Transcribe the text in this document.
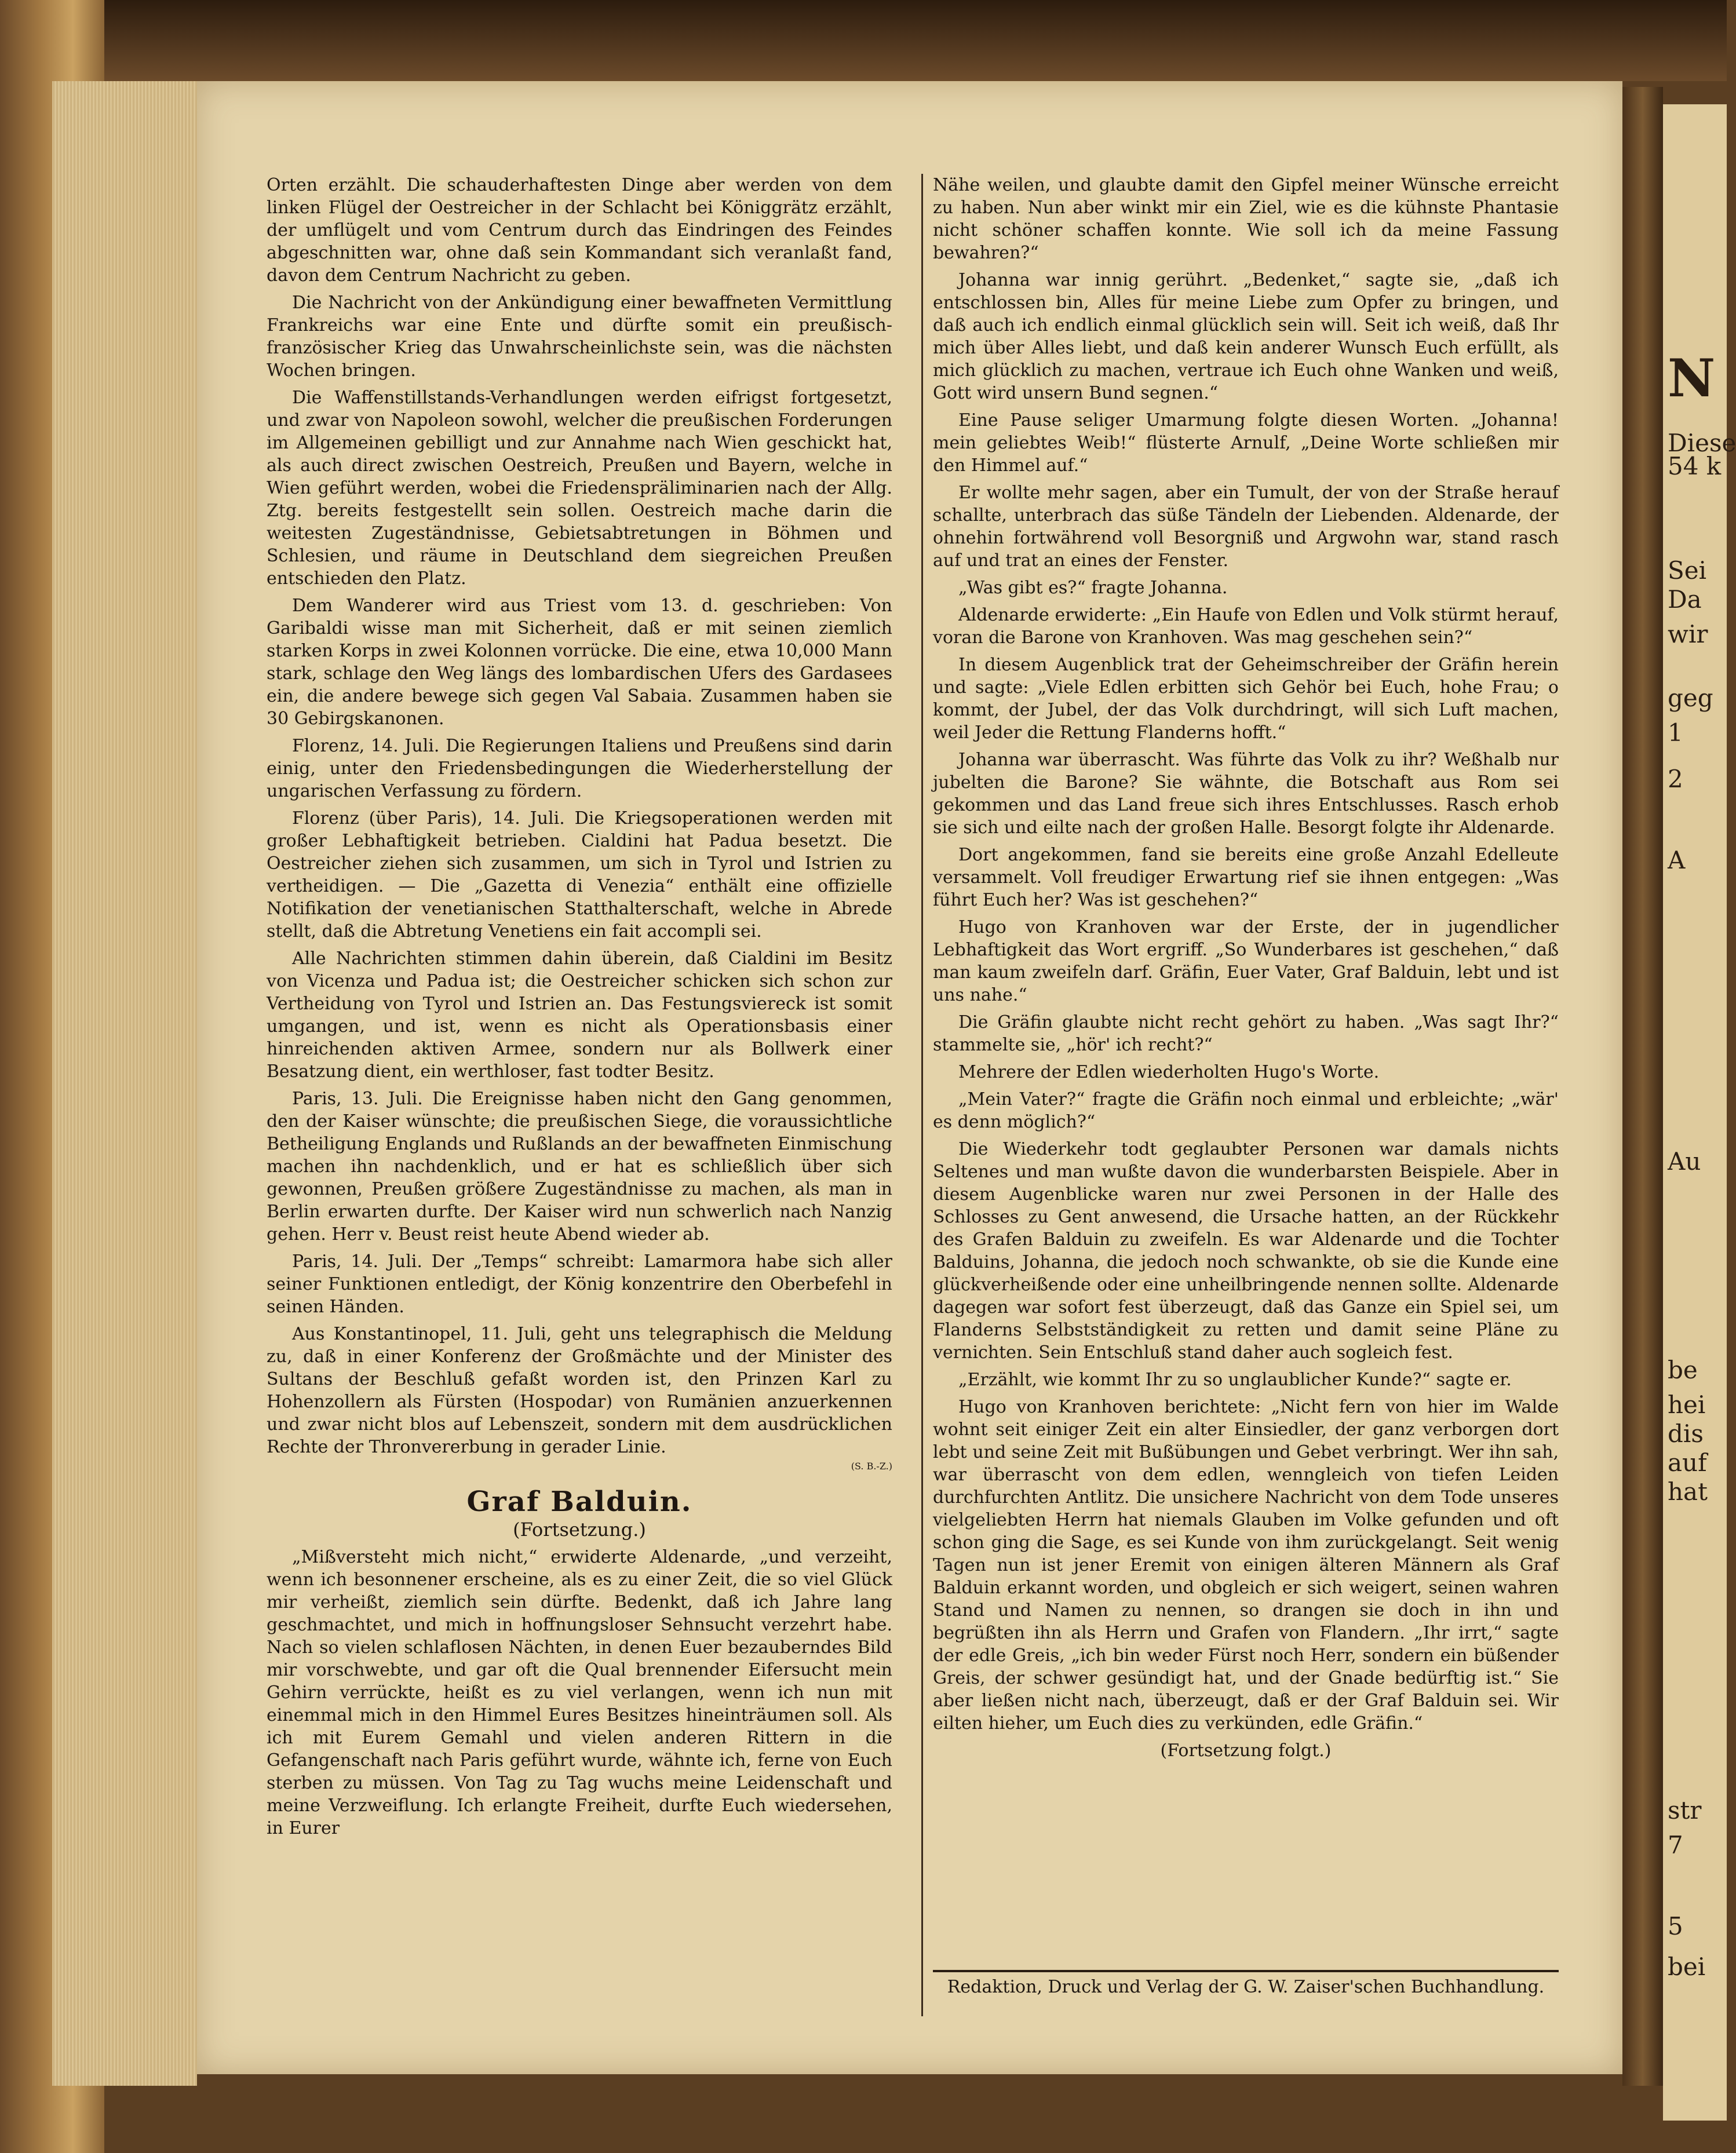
Orten erzählt. Die schauderhaftesten Dinge aber werden von dem linken Flügel der Oestreicher in der Schlacht bei Königgrätz erzählt, der umflügelt und vom Centrum durch das Eindringen des Feindes abgeschnitten war, ohne daß sein Kommandant sich veranlaßt fand, davon dem Centrum Nachricht zu geben.

Die Nachricht von der Ankündigung einer bewaffneten Vermittlung Frankreichs war eine Ente und dürfte somit ein preußisch-französischer Krieg das Unwahrscheinlichste sein, was die nächsten Wochen bringen.

Die Waffenstillstands-Verhandlungen werden eifrigst fortgesetzt, und zwar von Napoleon sowohl, welcher die preußischen Forderungen im Allgemeinen gebilligt und zur Annahme nach Wien geschickt hat, als auch direct zwischen Oestreich, Preußen und Bayern, welche in Wien geführt werden, wobei die Friedenspräliminarien nach der Allg. Ztg. bereits festgestellt sein sollen. Oestreich mache darin die weitesten Zugeständnisse, Gebietsabtretungen in Böhmen und Schlesien, und räume in Deutschland dem siegreichen Preußen entschieden den Platz.

Dem Wanderer wird aus Triest vom 13. d. geschrieben: Von Garibaldi wisse man mit Sicherheit, daß er mit seinen ziemlich starken Korps in zwei Kolonnen vorrücke. Die eine, etwa 10,000 Mann stark, schlage den Weg längs des lombardischen Ufers des Gardasees ein, die andere bewege sich gegen Val Sabaia. Zusammen haben sie 30 Gebirgskanonen.

Florenz, 14. Juli. Die Regierungen Italiens und Preußens sind darin einig, unter den Friedensbedingungen die Wiederherstellung der ungarischen Verfassung zu fördern.

Florenz (über Paris), 14. Juli. Die Kriegsoperationen werden mit großer Lebhaftigkeit betrieben. Cialdini hat Padua besetzt. Die Oestreicher ziehen sich zusammen, um sich in Tyrol und Istrien zu vertheidigen. — Die „Gazetta di Venezia“ enthält eine offizielle Notifikation der venetianischen Statthalterschaft, welche in Abrede stellt, daß die Abtretung Venetiens ein fait accompli sei.

Alle Nachrichten stimmen dahin überein, daß Cialdini im Besitz von Vicenza und Padua ist; die Oestreicher schicken sich schon zur Vertheidung von Tyrol und Istrien an. Das Festungsviereck ist somit umgangen, und ist, wenn es nicht als Operationsbasis einer hinreichenden aktiven Armee, sondern nur als Bollwerk einer Besatzung dient, ein werthloser, fast todter Besitz.

Paris, 13. Juli. Die Ereignisse haben nicht den Gang genommen, den der Kaiser wünschte; die preußischen Siege, die voraussichtliche Betheiligung Englands und Rußlands an der bewaffneten Einmischung machen ihn nachdenklich, und er hat es schließlich über sich gewonnen, Preußen größere Zugeständnisse zu machen, als man in Berlin erwarten durfte. Der Kaiser wird nun schwerlich nach Nanzig gehen. Herr v. Beust reist heute Abend wieder ab.

Paris, 14. Juli. Der „Temps“ schreibt: Lamarmora habe sich aller seiner Funktionen entledigt, der König konzentrire den Oberbefehl in seinen Händen.

Aus Konstantinopel, 11. Juli, geht uns telegraphisch die Meldung zu, daß in einer Konferenz der Großmächte und der Minister des Sultans der Beschluß gefaßt worden ist, den Prinzen Karl zu Hohenzollern als Fürsten (Hospodar) von Rumänien anzuerkennen und zwar nicht blos auf Lebenszeit, sondern mit dem ausdrücklichen Rechte der Thronvererbung in gerader Linie.

(S. B.-Z.)
Graf Balduin.
(Fortsetzung.)

„Mißversteht mich nicht,“ erwiderte Aldenarde, „und verzeiht, wenn ich besonnener erscheine, als es zu einer Zeit, die so viel Glück mir verheißt, ziemlich sein dürfte. Bedenkt, daß ich Jahre lang geschmachtet, und mich in hoffnungsloser Sehnsucht verzehrt habe. Nach so vielen schlaflosen Nächten, in denen Euer bezauberndes Bild mir vorschwebte, und gar oft die Qual brennender Eifersucht mein Gehirn verrückte, heißt es zu viel verlangen, wenn ich nun mit einemmal mich in den Himmel Eures Besitzes hineinträumen soll. Als ich mit Eurem Gemahl und vielen anderen Rittern in die Gefangenschaft nach Paris geführt wurde, wähnte ich, ferne von Euch sterben zu müssen. Von Tag zu Tag wuchs meine Leidenschaft und meine Verzweiflung. Ich erlangte Freiheit, durfte Euch wiedersehen, in Eurer

Nähe weilen, und glaubte damit den Gipfel meiner Wünsche erreicht zu haben. Nun aber winkt mir ein Ziel, wie es die kühnste Phantasie nicht schöner schaffen konnte. Wie soll ich da meine Fassung bewahren?“

Johanna war innig gerührt. „Bedenket,“ sagte sie, „daß ich entschlossen bin, Alles für meine Liebe zum Opfer zu bringen, und daß auch ich endlich einmal glücklich sein will. Seit ich weiß, daß Ihr mich über Alles liebt, und daß kein anderer Wunsch Euch erfüllt, als mich glücklich zu machen, vertraue ich Euch ohne Wanken und weiß, Gott wird unsern Bund segnen.“

Eine Pause seliger Umarmung folgte diesen Worten. „Johanna! mein geliebtes Weib!“ flüsterte Arnulf, „Deine Worte schließen mir den Himmel auf.“

Er wollte mehr sagen, aber ein Tumult, der von der Straße herauf schallte, unterbrach das süße Tändeln der Liebenden. Aldenarde, der ohnehin fortwährend voll Besorgniß und Argwohn war, stand rasch auf und trat an eines der Fenster.

„Was gibt es?“ fragte Johanna.

Aldenarde erwiderte: „Ein Haufe von Edlen und Volk stürmt herauf, voran die Barone von Kranhoven. Was mag geschehen sein?“

In diesem Augenblick trat der Geheimschreiber der Gräfin herein und sagte: „Viele Edlen erbitten sich Gehör bei Euch, hohe Frau; o kommt, der Jubel, der das Volk durchdringt, will sich Luft machen, weil Jeder die Rettung Flanderns hofft.“

Johanna war überrascht. Was führte das Volk zu ihr? Weßhalb nur jubelten die Barone? Sie wähnte, die Botschaft aus Rom sei gekommen und das Land freue sich ihres Entschlusses. Rasch erhob sie sich und eilte nach der großen Halle. Besorgt folgte ihr Aldenarde.

Dort angekommen, fand sie bereits eine große Anzahl Edelleute versammelt. Voll freudiger Erwartung rief sie ihnen entgegen: „Was führt Euch her? Was ist geschehen?“

Hugo von Kranhoven war der Erste, der in jugendlicher Lebhaftigkeit das Wort ergriff. „So Wunderbares ist geschehen,“ daß man kaum zweifeln darf. Gräfin, Euer Vater, Graf Balduin, lebt und ist uns nahe.“

Die Gräfin glaubte nicht recht gehört zu haben. „Was sagt Ihr?“ stammelte sie, „hör' ich recht?“

Mehrere der Edlen wiederholten Hugo's Worte.

„Mein Vater?“ fragte die Gräfin noch einmal und erbleichte; „wär' es denn möglich?“

Die Wiederkehr todt geglaubter Personen war damals nichts Seltenes und man wußte davon die wunderbarsten Beispiele. Aber in diesem Augenblicke waren nur zwei Personen in der Halle des Schlosses zu Gent anwesend, die Ursache hatten, an der Rückkehr des Grafen Balduin zu zweifeln. Es war Aldenarde und die Tochter Balduins, Johanna, die jedoch noch schwankte, ob sie die Kunde eine glückverheißende oder eine unheilbringende nennen sollte. Aldenarde dagegen war sofort fest überzeugt, daß das Ganze ein Spiel sei, um Flanderns Selbstständigkeit zu retten und damit seine Pläne zu vernichten. Sein Entschluß stand daher auch sogleich fest.

„Erzählt, wie kommt Ihr zu so unglaublicher Kunde?“ sagte er.

Hugo von Kranhoven berichtete: „Nicht fern von hier im Walde wohnt seit einiger Zeit ein alter Einsiedler, der ganz verborgen dort lebt und seine Zeit mit Bußübungen und Gebet verbringt. Wer ihn sah, war überrascht von dem edlen, wenngleich von tiefen Leiden durchfurchten Antlitz. Die unsichere Nachricht von dem Tode unseres vielgeliebten Herrn hat niemals Glauben im Volke gefunden und oft schon ging die Sage, es sei Kunde von ihm zurückgelangt. Seit wenig Tagen nun ist jener Eremit von einigen älteren Männern als Graf Balduin erkannt worden, und obgleich er sich weigert, seinen wahren Stand und Namen zu nennen, so drangen sie doch in ihn und begrüßten ihn als Herrn und Grafen von Flandern. „Ihr irrt,“ sagte der edle Greis, „ich bin weder Fürst noch Herr, sondern ein büßender Greis, der schwer gesündigt hat, und der Gnade bedürftig ist.“ Sie aber ließen nicht nach, überzeugt, daß er der Graf Balduin sei. Wir eilten hieher, um Euch dies zu verkünden, edle Gräfin.“

(Fortsetzung folgt.)
Redaktion, Druck und Verlag der G. W. Zaiser'schen Buchhandlung.
N
Diese
54 k
Sei
Da
wir
geg
1
2
A
Au
be
hei
dis
auf
hat
str
7
5
bei
